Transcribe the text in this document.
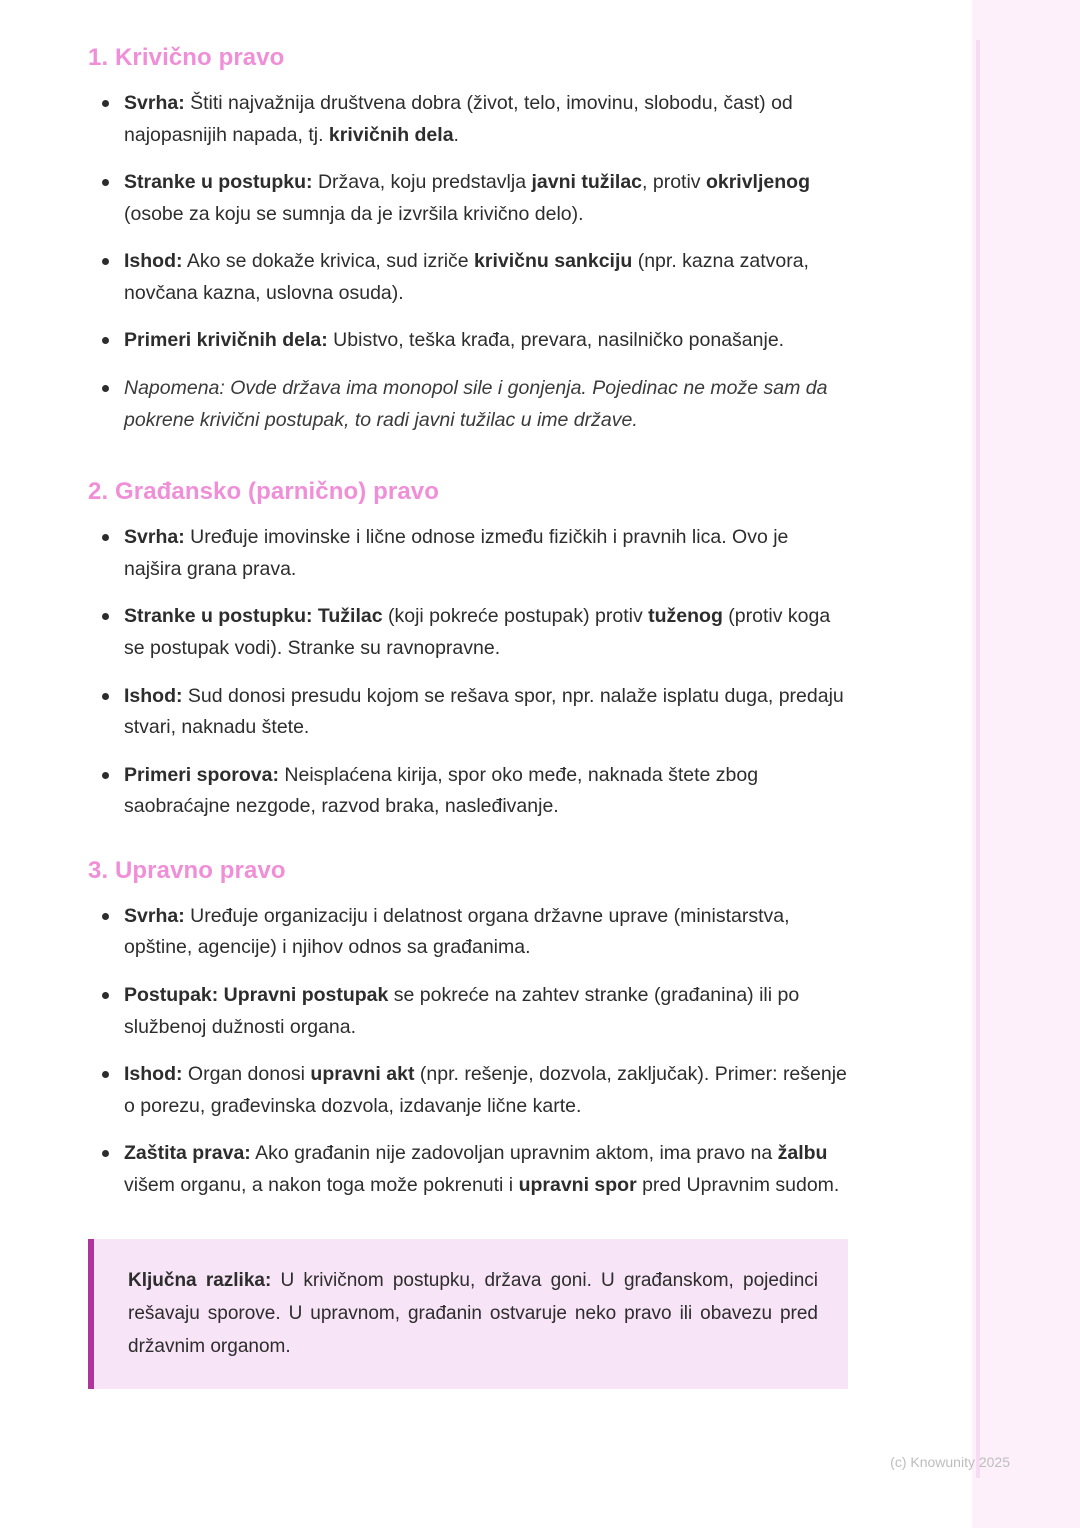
1. Krivično pravo
Svrha: Štiti najvažnija društvena dobra (život, telo, imovinu, slobodu, čast) od najopasnijih napada, tj. krivičnih dela.
Stranke u postupku: Država, koju predstavlja javni tužilac, protiv okrivljenog (osobe za koju se sumnja da je izvršila krivično delo).
Ishod: Ako se dokaže krivica, sud izriče krivičnu sankciju (npr. kazna zatvora, novčana kazna, uslovna osuda).
Primeri krivičnih dela: Ubistvo, teška krađa, prevara, nasilničko ponašanje.
Napomena: Ovde država ima monopol sile i gonjenja. Pojedinac ne može sam da pokrene krivični postupak, to radi javni tužilac u ime države.
2. Građansko (parnično) pravo
Svrha: Uređuje imovinske i lične odnose između fizičkih i pravnih lica. Ovo je najšira grana prava.
Stranke u postupku: Tužilac (koji pokreće postupak) protiv tuženog (protiv koga se postupak vodi). Stranke su ravnopravne.
Ishod: Sud donosi presudu kojom se rešava spor, npr. nalaže isplatu duga, predaju stvari, naknadu štete.
Primeri sporova: Neisplaćena kirija, spor oko međe, naknada štete zbog saobraćajne nezgode, razvod braka, nasleđivanje.
3. Upravno pravo
Svrha: Uređuje organizaciju i delatnost organa državne uprave (ministarstva, opštine, agencije) i njihov odnos sa građanima.
Postupak: Upravni postupak se pokreće na zahtev stranke (građanina) ili po službenoj dužnosti organa.
Ishod: Organ donosi upravni akt (npr. rešenje, dozvola, zaključak). Primer: rešenje o porezu, građevinska dozvola, izdavanje lične karte.
Zaštita prava: Ako građanin nije zadovoljan upravnim aktom, ima pravo na žalbu višem organu, a nakon toga može pokrenuti i upravni spor pred Upravnim sudom.
Ključna razlika: U krivičnom postupku, država goni. U građanskom, pojedinci rešavaju sporove. U upravnom, građanin ostvaruje neko pravo ili obavezu pred državnim organom.
(c) Knowunity 2025
